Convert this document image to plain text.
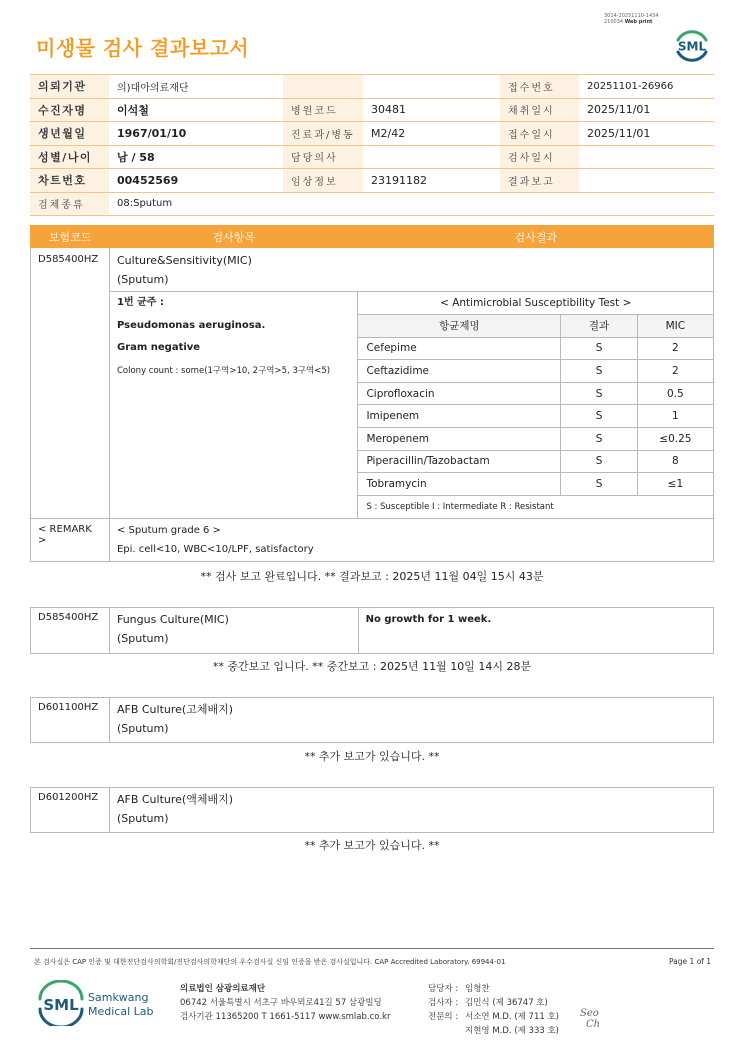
3014-20251110-1434
210034 Web print
미생물 검사 결과보고서	SML
의뢰기관	의)대아의료재단			접수번호	20251101-26966
수진자명	이석철	병원코드	30481	채취일시	2025/11/01
생년월일	1967/01/10	진료과/병동	M2/42	접수일시	2025/11/01
성별/나이	남 / 58	담당의사		검사일시	
차트번호	00452569	임상정보	23191182	결과보고	
검체종류	08:Sputum				
보험코드	검사항목	검사결과
D585400HZ	Culture&Sensitivity(MIC)
(Sputum)

1번 균주 :
Pseudomonas aeruginosa.
Gram negative
Colony count : some(1구역>10, 2구역>5, 3구역<5)

< Antimicrobial Susceptibility Test >
항균제명	결과	MIC
Cefepime	S	2
Ceftazidime	S	2
Ciprofloxacin	S	0.5
Imipenem	S	1
Meropenem	S	≤0.25
Piperacillin/Tazobactam	S	8
Tobramycin	S	≤1
S : Susceptible I : Intermediate R : Resistant

< REMARK >	
< Sputum grade 6 >
Epi. cell<10, WBC<10/LPF, satisfactory
** 검사 보고 완료입니다. ** 결과보고 : 2025년 11월 04일 15시 43분
D585400HZ	Fungus Culture(MIC)
(Sputum)
	No growth for 1 week.
** 중간보고 입니다. ** 중간보고 : 2025년 11월 10일 14시 28분
D601100HZ	AFB Culture(고체배지)
(Sputum)
** 추가 보고가 있습니다. **
D601200HZ	AFB Culture(액체배지)
(Sputum)
** 추가 보고가 있습니다. **
본 검사실은 CAP 인증 및 대한진단검사의학회/진단검사의학재단의 우수검사실 신임 인증을 받은 검사실입니다. CAP Accredited Laboratory. 69944-01	Page 1 of 1
SML Samkwang
Medical Lab
의료법인 삼광의료재단
06742 서울특별시 서초구 바우뫼로41길 57 삼광빌딩
검사기관 11365200 T 1661-5117 www.smlab.co.kr
담당자 : 임형찬
검사자 : 김민식 (제 36747 호)
전문의 : 서소연 M.D. (제 711 호)
지현영 M.D. (제 333 호)
Seo
Ch
